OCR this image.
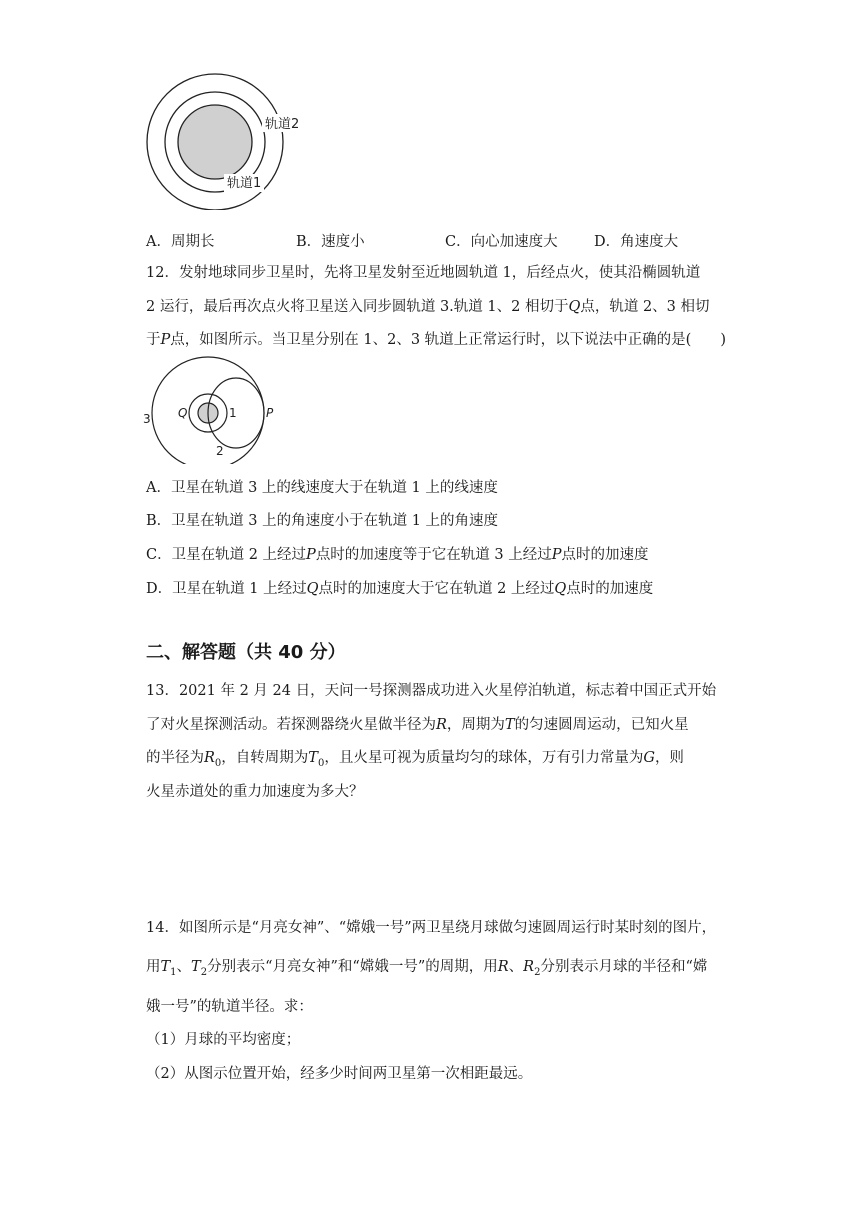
轨道2
轨道1
A．周期长	B．速度小	C．向心加速度大	D．角速度大
12．发射地球同步卫星时，先将卫星发射至近地圆轨道 1，后经点火，使其沿椭圆轨道
2 运行，最后再次点火将卫星送入同步圆轨道 3.轨道 1、2 相切于Q点，轨道 2、3 相切
于P点，如图所示。当卫星分别在 1、2、3 轨道上正常运行时，以下说法中正确的是(　　)
3 Q	1 P
2
A．卫星在轨道 3 上的线速度大于在轨道 1 上的线速度
B．卫星在轨道 3 上的角速度小于在轨道 1 上的角速度
C．卫星在轨道 2 上经过P点时的加速度等于它在轨道 3 上经过P点时的加速度
D．卫星在轨道 1 上经过Q点时的加速度大于它在轨道 2 上经过Q点时的加速度
二、解答题（共 40 分）
13．2021 年 2 月 24 日，天问一号探测器成功进入火星停泊轨道，标志着中国正式开始
了对火星探测活动。若探测器绕火星做半径为R，周期为T的匀速圆周运动，已知火星
的半径为$R_0$，自转周期为$T_0$，且火星可视为质量均匀的球体，万有引力常量为G，则
火星赤道处的重力加速度为多大？
14．如图所示是“月亮女神”、“嫦娥一号”两卫星绕月球做匀速圆周运行时某时刻的图片，
用$T_1$、$T_2$分别表示“月亮女神”和“嫦娥一号”的周期，用R、$R_2$分别表示月球的半径和“嫦
娥一号”的轨道半径。求：
（1）月球的平均密度；
（2）从图示位置开始，经多少时间两卫星第一次相距最远。
